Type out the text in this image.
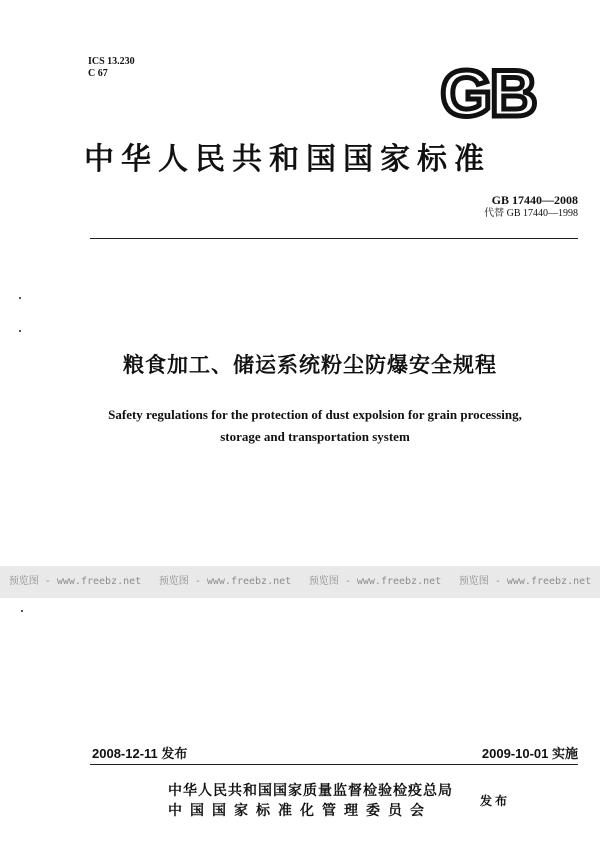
ICS 13.230
C 67	GB
中华人民共和国国家标准
GB 17440—2008
代替 GB 17440—1998
粮食加工、储运系统粉尘防爆安全规程
Safety regulations for the protection of dust expolsion for grain processing,
storage and transportation system
预览图 - www.freebz.net 预览图 - www.freebz.net 预览图 - www.freebz.net 预览图 - www.freebz.net
2008-12-11 发布	2009-10-01 实施
中华人民共和国国家质量监督检验检疫总局
中国国家标准化管理委员会
发布
